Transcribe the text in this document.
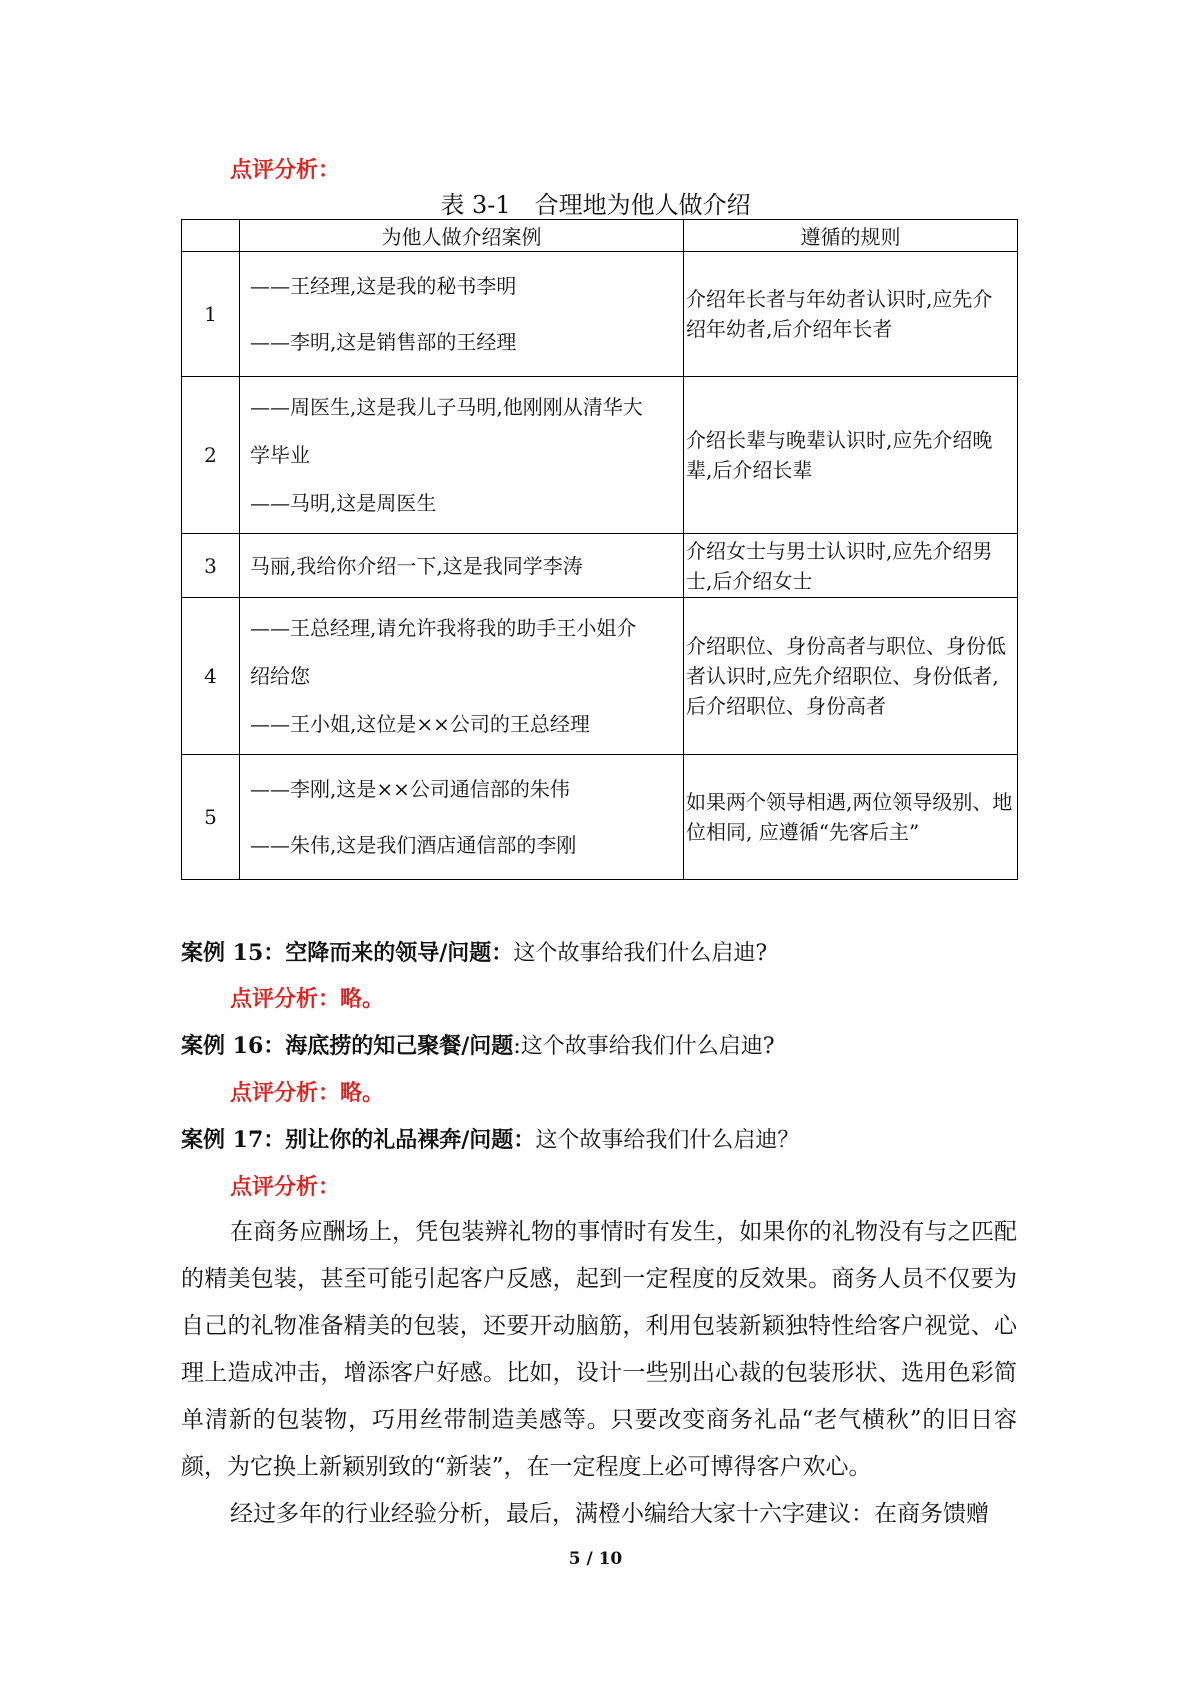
点评分析：
表 3-1　合理地为他人做介绍
	为他人做介绍案例	遵循的规则
1	——王经理,这是我的秘书李明
——李明,这是销售部的王经理	介绍年长者与年幼者认识时,应先介
绍年幼者,后介绍年长者

2	——周医生,这是我儿子马明,他刚刚从清华大
学毕业
——马明,这是周医生	介绍长辈与晚辈认识时,应先介绍晚
辈,后介绍长辈

3	马丽,我给你介绍一下,这是我同学李涛	介绍女士与男士认识时,应先介绍男
士,后介绍女士

4	——王总经理,请允许我将我的助手王小姐介
绍给您
——王小姐,这位是××公司的王总经理	介绍职位、身份高者与职位、身份低
者认识时,应先介绍职位、身份低者,
后介绍职位、身份高者

5	——李刚,这是××公司通信部的朱伟
——朱伟,这是我们酒店通信部的李刚	如果两个领导相遇,两位领导级别、地
位相同, 应遵循“先客后主”
案例 15：空降而来的领导/问题：这个故事给我们什么启迪?
点评分析：略。
案例 16：海底捞的知己聚餐/问题:这个故事给我们什么启迪?
点评分析：略。
案例 17：别让你的礼品裸奔/问题：这个故事给我们什么启迪？
点评分析：

在商务应酬场上，凭包装辨礼物的事情时有发生，如果你的礼物没有与之匹配的精美包装，甚至可能引起客户反感，起到一定程度的反效果。商务人员不仅要为自己的礼物准备精美的包装，还要开动脑筋，利用包装新颖独特性给客户视觉、心理上造成冲击，增添客户好感。比如，设计一些别出心裁的包装形状、选用色彩简单清新的包装物，巧用丝带制造美感等。只要改变商务礼品“老气横秋”的旧日容颜，为它换上新颖别致的“新装”，在一定程度上必可博得客户欢心。

经过多年的行业经验分析，最后，满橙小编给大家十六字建议：在商务馈赠

5 / 10
